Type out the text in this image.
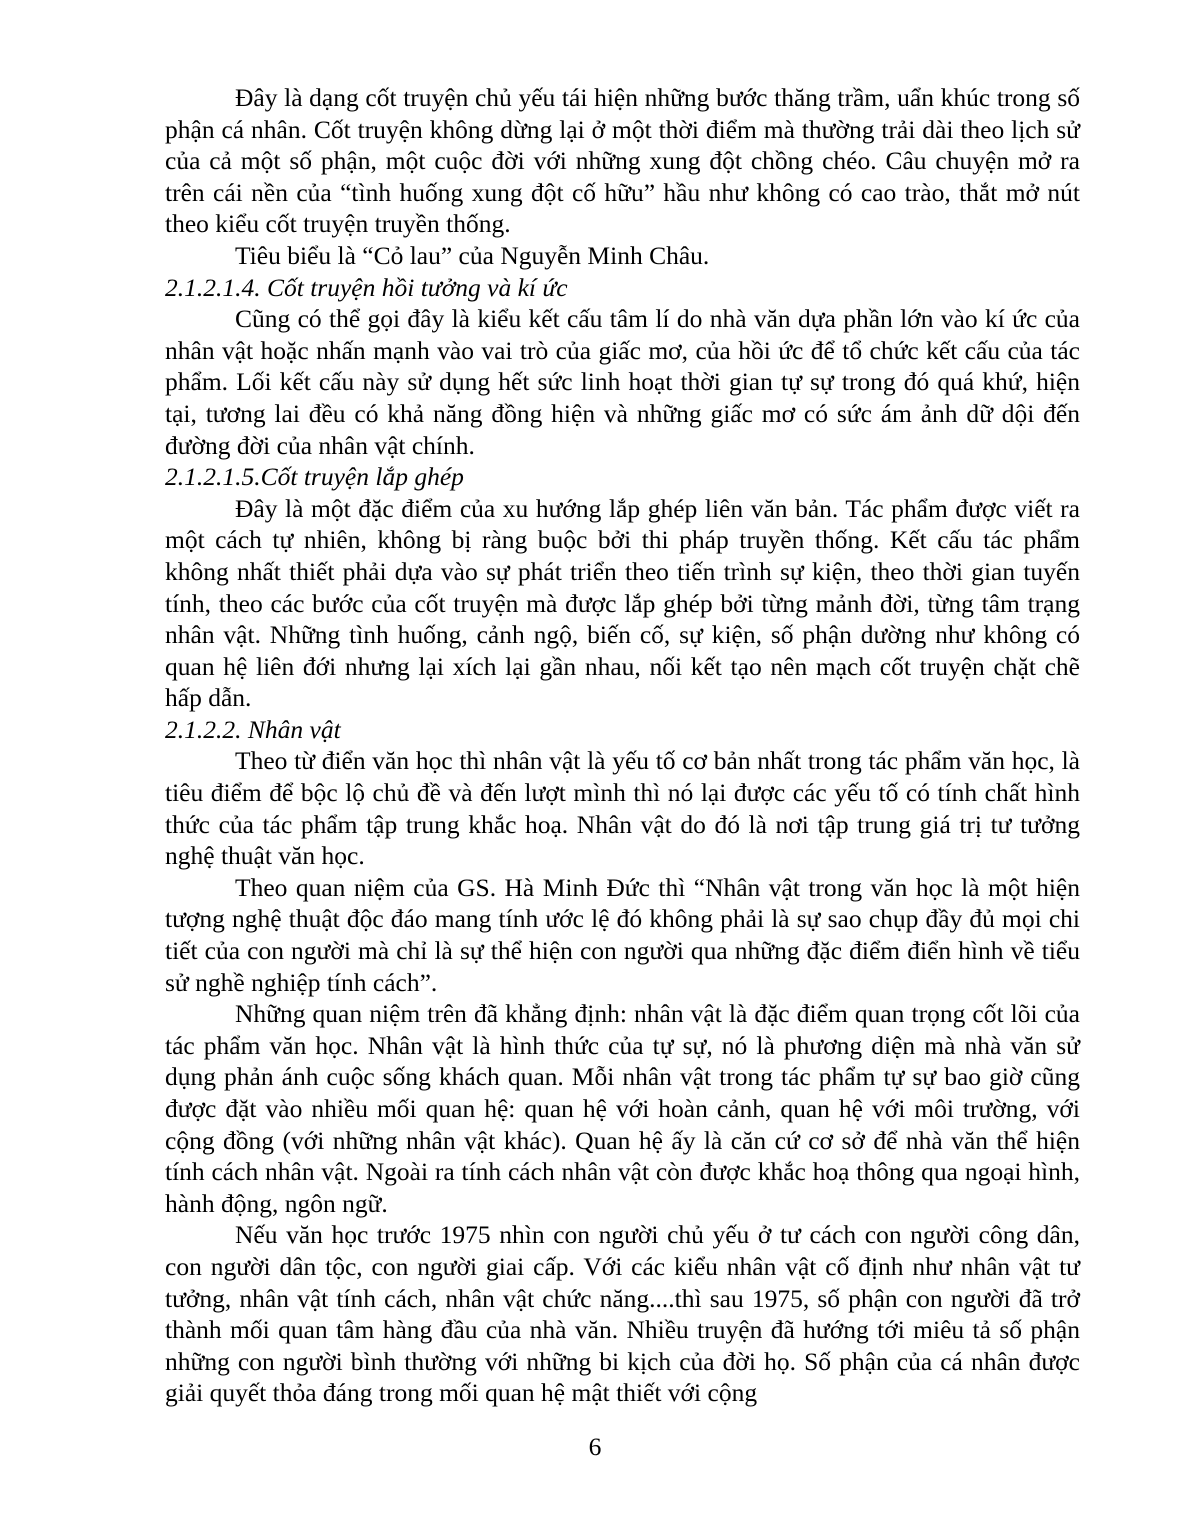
Đây là dạng cốt truyện chủ yếu tái hiện những bước thăng trầm, uẩn khúc trong số phận cá nhân. Cốt truyện không dừng lại ở một thời điểm mà thường trải dài theo lịch sử của cả một số phận, một cuộc đời với những xung đột chồng chéo. Câu chuyện mở ra trên cái nền của “tình huống xung đột cố hữu” hầu như không có cao trào, thắt mở nút theo kiểu cốt truyện truyền thống.

Tiêu biểu là “Cỏ lau” của Nguyễn Minh Châu.

2.1.2.1.4. Cốt truyện hồi tưởng và kí ức

Cũng có thể gọi đây là kiểu kết cấu tâm lí do nhà văn dựa phần lớn vào kí ức của nhân vật hoặc nhấn mạnh vào vai trò của giấc mơ, của hồi ức để tổ chức kết cấu của tác phẩm. Lối kết cấu này sử dụng hết sức linh hoạt thời gian tự sự trong đó quá khứ, hiện tại, tương lai đều có khả năng đồng hiện và những giấc mơ có sức ám ảnh dữ dội đến đường đời của nhân vật chính.

2.1.2.1.5.Cốt truyện lắp ghép

Đây là một đặc điểm của xu hướng lắp ghép liên văn bản. Tác phẩm được viết ra một cách tự nhiên, không bị ràng buộc bởi thi pháp truyền thống. Kết cấu tác phẩm không nhất thiết phải dựa vào sự phát triển theo tiến trình sự kiện, theo thời gian tuyến tính, theo các bước của cốt truyện mà được lắp ghép bởi từng mảnh đời, từng tâm trạng nhân vật. Những tình huống, cảnh ngộ, biến cố, sự kiện, số phận dường như không có quan hệ liên đới nhưng lại xích lại gần nhau, nối kết tạo nên mạch cốt truyện chặt chẽ hấp dẫn.

2.1.2.2. Nhân vật

Theo từ điển văn học thì nhân vật là yếu tố cơ bản nhất trong tác phẩm văn học, là tiêu điểm để bộc lộ chủ đề và đến lượt mình thì nó lại được các yếu tố có tính chất hình thức của tác phẩm tập trung khắc hoạ. Nhân vật do đó là nơi tập trung giá trị tư tưởng nghệ thuật văn học.

Theo quan niệm của GS. Hà Minh Đức thì “Nhân vật trong văn học là một hiện tượng nghệ thuật độc đáo mang tính ước lệ đó không phải là sự sao chụp đầy đủ mọi chi tiết của con người mà chỉ là sự thể hiện con người qua những đặc điểm điển hình về tiểu sử nghề nghiệp tính cách”.

Những quan niệm trên đã khẳng định: nhân vật là đặc điểm quan trọng cốt lõi của tác phẩm văn học. Nhân vật là hình thức của tự sự, nó là phương diện mà nhà văn sử dụng phản ánh cuộc sống khách quan. Mỗi nhân vật trong tác phẩm tự sự bao giờ cũng được đặt vào nhiều mối quan hệ: quan hệ với hoàn cảnh, quan hệ với môi trường, với cộng đồng (với những nhân vật khác). Quan hệ ấy là căn cứ cơ sở để nhà văn thể hiện tính cách nhân vật. Ngoài ra tính cách nhân vật còn được khắc hoạ thông qua ngoại hình, hành động, ngôn ngữ.

Nếu văn học trước 1975 nhìn con người chủ yếu ở tư cách con người công dân, con người dân tộc, con người giai cấp. Với các kiểu nhân vật cố định như nhân vật tư tưởng, nhân vật tính cách, nhân vật chức năng....thì sau 1975, số phận con người đã trở thành mối quan tâm hàng đầu của nhà văn. Nhiều truyện đã hướng tới miêu tả số phận những con người bình thường với những bi kịch của đời họ. Số phận của cá nhân được giải quyết thỏa đáng trong mối quan hệ mật thiết với cộng

6
